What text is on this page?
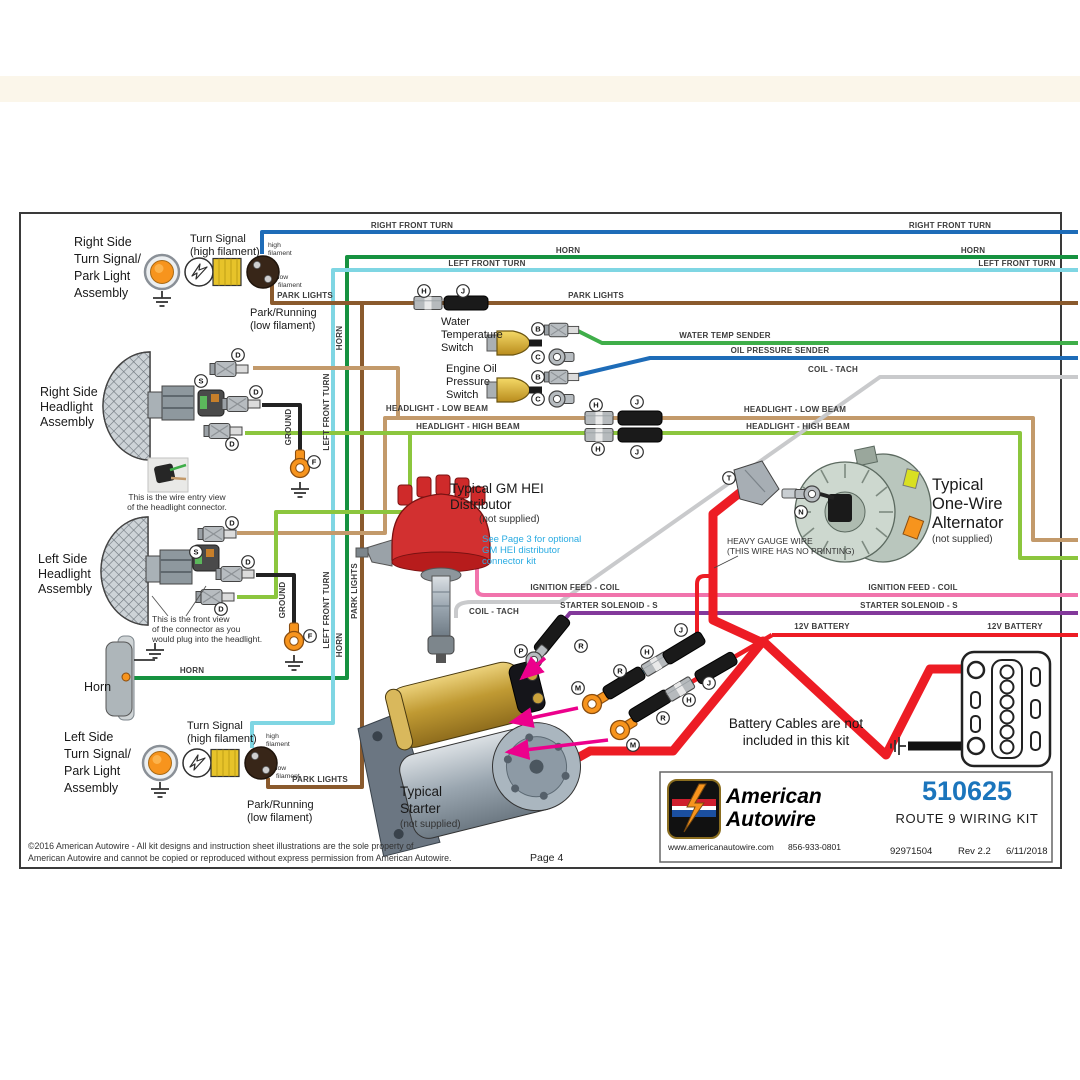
H	J
B
C
B
C
D
D
D
S
F
D
D
D
S
F
H	J
H	J
T
N
P
R
M
R
H
J
M
R
H
J
RIGHT FRONT TURN	RIGHT FRONT TURN
HORN	HORN
LEFT FRONT TURN	LEFT FRONT TURN
PARK LIGHTS	PARK LIGHTS
PARK LIGHTS
WATER TEMP SENDER
OIL PRESSURE SENDER
COIL - TACH
COIL - TACH
HEADLIGHT - LOW BEAM	HEADLIGHT - LOW BEAM
HEADLIGHT - HIGH BEAM	HEADLIGHT - HIGH BEAM
IGNITION FEED - COIL	IGNITION FEED - COIL
STARTER SOLENOID - S	STARTER SOLENOID - S
12V BATTERY	12V BATTERY
HORN
HORN
LEFT FRONT TURN
HORN
LEFT FRONT TURN PARK LIGHTS
GROUND
GROUND
Right Side
Turn Signal/
Park Light
Assembly
Turn Signal
(high filament)
high
filament
low
filament
Park/Running
(low filament)
Right Side
Headlight
Assembly
This is the wire entry view
of the headlight connector.
Left Side
Headlight
Assembly
This is the front view
of the connector as you
would plug into the headlight.
Horn
Left Side
Turn Signal/
Park Light
Assembly
Turn Signal
(high filament) high
filament
low
filament
Park/Running
(low filament)
Water
Temperature
Switch
Engine Oil
Pressure
Switch
Typical GM HEI
Distributor
(not supplied)
See Page 3 for optional
GM HEI distributor
connector kit
Typical
One-Wire
Alternator
(not supplied)
HEAVY GAUGE WIRE
(THIS WIRE HAS NO PRINTING)
Battery Cables are not
included in this kit
Typical
Starter
(not supplied)
American
Autowire
www.americanautowire.com 856-933-0801
510625
ROUTE 9 WIRING KIT
92971504	Rev 2.2 6/11/2018
©2016 American Autowire - All kit designs and instruction sheet illustrations are the sole property of
American Autowire and cannot be copied or reproduced without express permission from American Autowire.	Page 4
